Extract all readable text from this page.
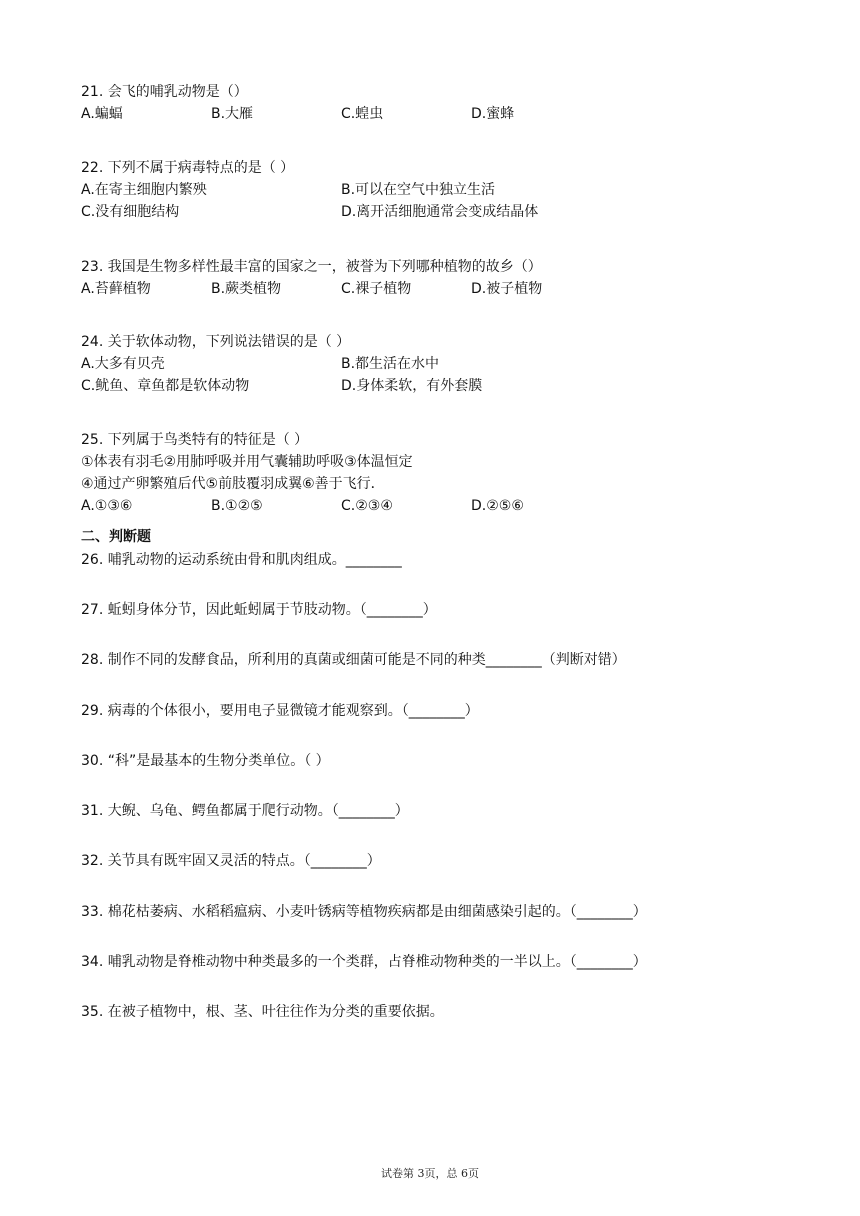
21. 会飞的哺乳动物是（）
A.蝙蝠	B.大雁	C.蝗虫	D.蜜蜂
22. 下列不属于病毒特点的是（ ）
A.在寄主细胞内繁殃	B.可以在空气中独立生活
C.没有细胞结构	D.离开活细胞通常会变成结晶体
23. 我国是生物多样性最丰富的国家之一，被誉为下列哪种植物的故乡（）
A.苔藓植物	B.蕨类植物	C.裸子植物	D.被子植物
24. 关于软体动物，下列说法错误的是（ ）
A.大多有贝壳	B.都生活在水中
C.鱿鱼、章鱼都是软体动物	D.身体柔软，有外套膜
25. 下列属于鸟类特有的特征是（ ）
①体表有羽毛②用肺呼吸并用气囊辅助呼吸③体温恒定
④通过产卵繁殖后代⑤前肢覆羽成翼⑥善于飞行．
A.①③⑥	B.①②⑤	C.②③④	D.②⑤⑥
二、判断题
26. 哺乳动物的运动系统由骨和肌肉组成。________
27. 蚯蚓身体分节，因此蚯蚓属于节肢动物。（________）
28. 制作不同的发酵食品，所利用的真菌或细菌可能是不同的种类________（判断对错）
29. 病毒的个体很小，要用电子显微镜才能观察到。（________）
30. “科”是最基本的生物分类单位。（ ）
31. 大鲵、乌龟、鳄鱼都属于爬行动物。（________）
32. 关节具有既牢固又灵活的特点。（________）
33. 棉花枯萎病、水稻稻瘟病、小麦叶锈病等植物疾病都是由细菌感染引起的。（________）
34. 哺乳动物是脊椎动物中种类最多的一个类群，占脊椎动物种类的一半以上。（________）
35. 在被子植物中，根、茎、叶往往作为分类的重要依据。
试卷第 3页，总 6页
